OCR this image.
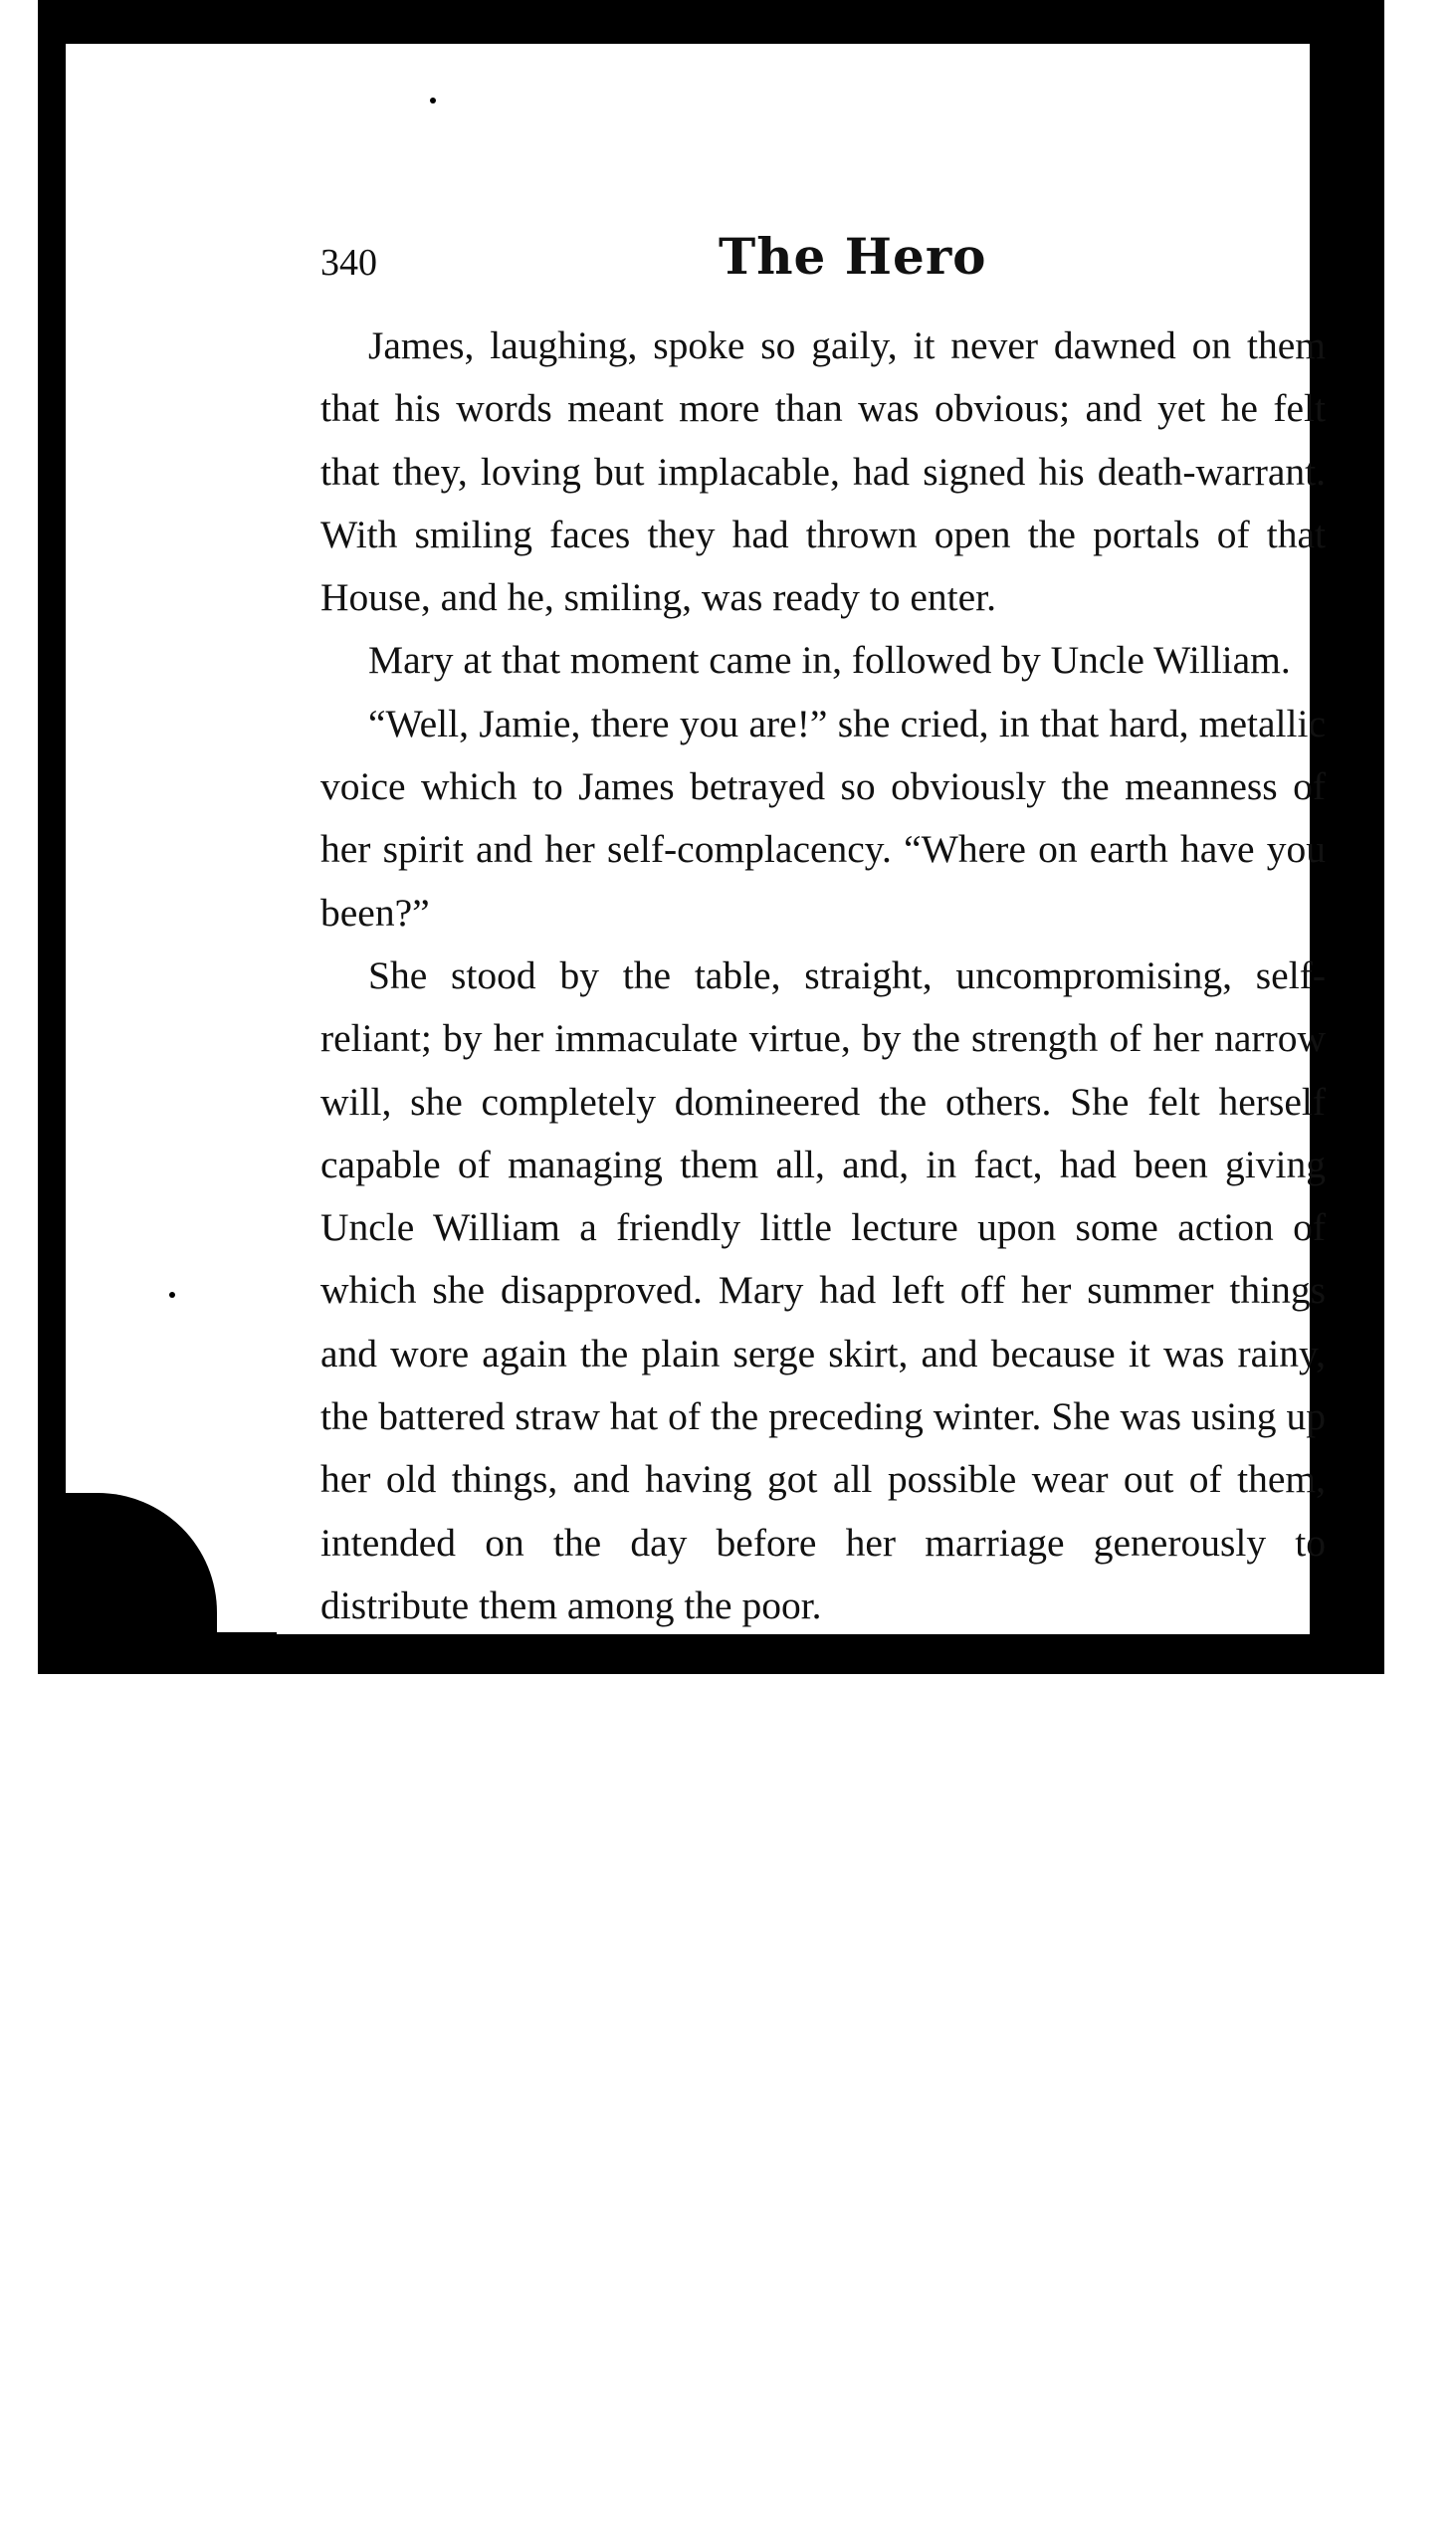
340	The Hero

James, laughing, spoke so gaily, it never dawned on them that his words meant more than was obvious; and yet he felt that they, loving but implacable, had signed his death-warrant. With smiling faces they had thrown open the portals of that House, and he, smiling, was ready to enter.

Mary at that moment came in, followed by Uncle William.

“Well, Jamie, there you are!” she cried, in that hard, metallic voice which to James betrayed so obviously the meanness of her spirit and her self-complacency. “Where on earth have you been?”

She stood by the table, straight, uncompromising, self-reliant; by her immaculate virtue, by the strength of her narrow will, she completely domineered the others. She felt herself capable of managing them all, and, in fact, had been giving Uncle William a friendly little lecture upon some action of which she disapproved. Mary had left off her summer things and wore again the plain serge skirt, and because it was rainy, the battered straw hat of the preceding winter. She was using up her old things, and having got all possible wear out of them, intended on the day before her marriage generously to distribute them among the poor.
